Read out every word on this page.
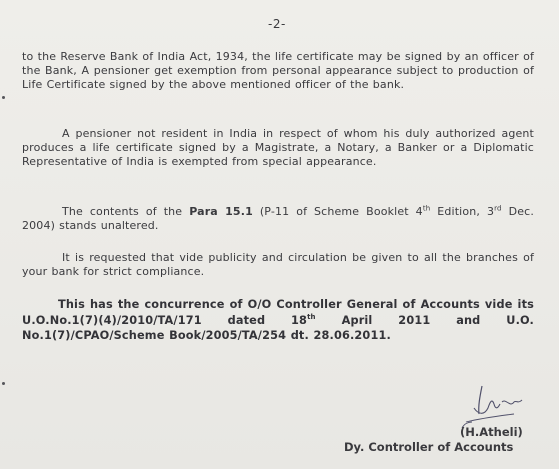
-2-
to the Reserve Bank of India Act, 1934, the life certificate may be signed by an officer of the Bank, A pensioner get exemption from personal appearance subject to production of Life Certificate signed by the above mentioned officer of the bank.
A pensioner not resident in India in respect of whom his duly authorized agent produces a life certificate signed by a Magistrate, a Notary, a Banker or a Diplomatic Representative of India is exempted from special appearance.
The contents of the Para 15.1 (P-11 of Scheme Booklet 4th Edition, 3rd Dec. 2004) stands unaltered.
It is requested that vide publicity and circulation be given to all the branches of your bank for strict compliance.
This has the concurrence of O/O Controller General of Accounts vide its U.O.No.1(7)(4)/2010/TA/171 dated 18th April 2011 and U.O. No.1(7)/CPAO/Scheme Book/2005/TA/254 dt. 28.06.2011.
(H.Atheli)
Dy. Controller of Accounts
